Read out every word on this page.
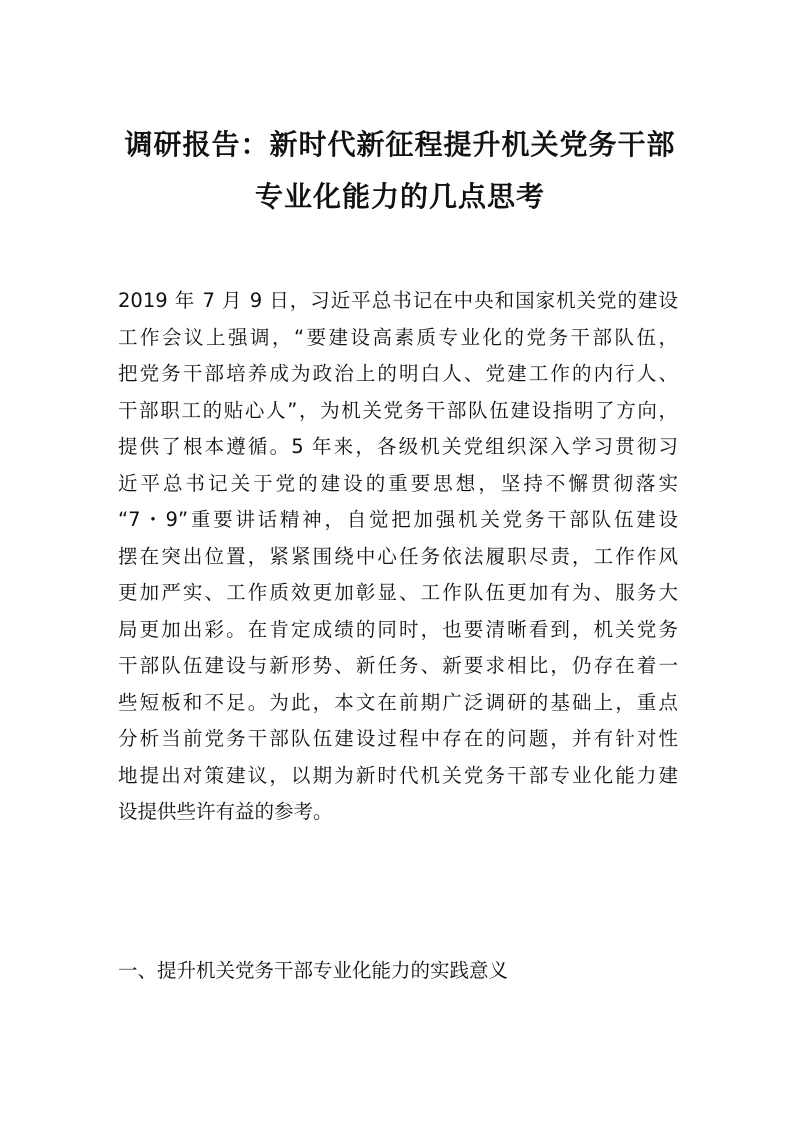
调研报告：新时代新征程提升机关党务干部
专业化能力的几点思考
2019 年 7 月 9 日，习近平总书记在中央和国家机关党的建设
工作会议上强调，“要建设高素质专业化的党务干部队伍，
把党务干部培养成为政治上的明白人、党建工作的内行人、
干部职工的贴心人”，为机关党务干部队伍建设指明了方向，
提供了根本遵循。5 年来，各级机关党组织深入学习贯彻习
近平总书记关于党的建设的重要思想，坚持不懈贯彻落实
“7・9”重要讲话精神，自觉把加强机关党务干部队伍建设
摆在突出位置，紧紧围绕中心任务依法履职尽责，工作作风
更加严实、工作质效更加彰显、工作队伍更加有为、服务大
局更加出彩。在肯定成绩的同时，也要清晰看到，机关党务
干部队伍建设与新形势、新任务、新要求相比，仍存在着一
些短板和不足。为此，本文在前期广泛调研的基础上，重点
分析当前党务干部队伍建设过程中存在的问题，并有针对性
地提出对策建议，以期为新时代机关党务干部专业化能力建
设提供些许有益的参考。
一、提升机关党务干部专业化能力的实践意义
